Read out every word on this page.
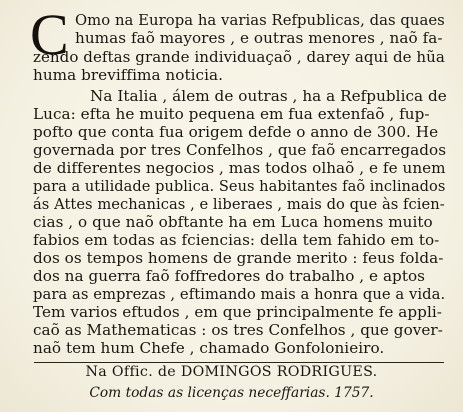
C Omo na Europa ha varias Refpublicas, das quaes
humas faõ mayores , e outras menores , naõ fa-
zendo deftas grande individuaçaõ , darey aqui de hũa
huma breviffima noticia.
Na Italia , álem de outras , ha a Refpublica de
Luca: efta he muito pequena em fua extenfaõ , fup-
pofto que conta fua origem defde o anno de 300. He
governada por tres Confelhos , que faõ encarregados
de differentes negocios , mas todos olhaõ , e fe unem
para a utilidade publica. Seus habitantes faõ inclinados
ás Attes mechanicas , e liberaes , mais do que às fcien-
cias , o que naõ obftante ha em Luca homens muito
fabios em todas as fciencias: della tem fahido em to-
dos os tempos homens de grande merito : feus folda-
dos na guerra faõ foffredores do trabalho , e aptos
para as emprezas , eftimando mais a honra que a vida.
Tem varios eftudos , em que principalmente fe appli-
caõ as Mathematicas : os tres Confelhos , que gover-
naõ tem hum Chefe , chamado Gonfolonieiro.
Na Offic. de DOMINGOS RODRIGUES.
Com todas as licenças neceffarias. 1757.
